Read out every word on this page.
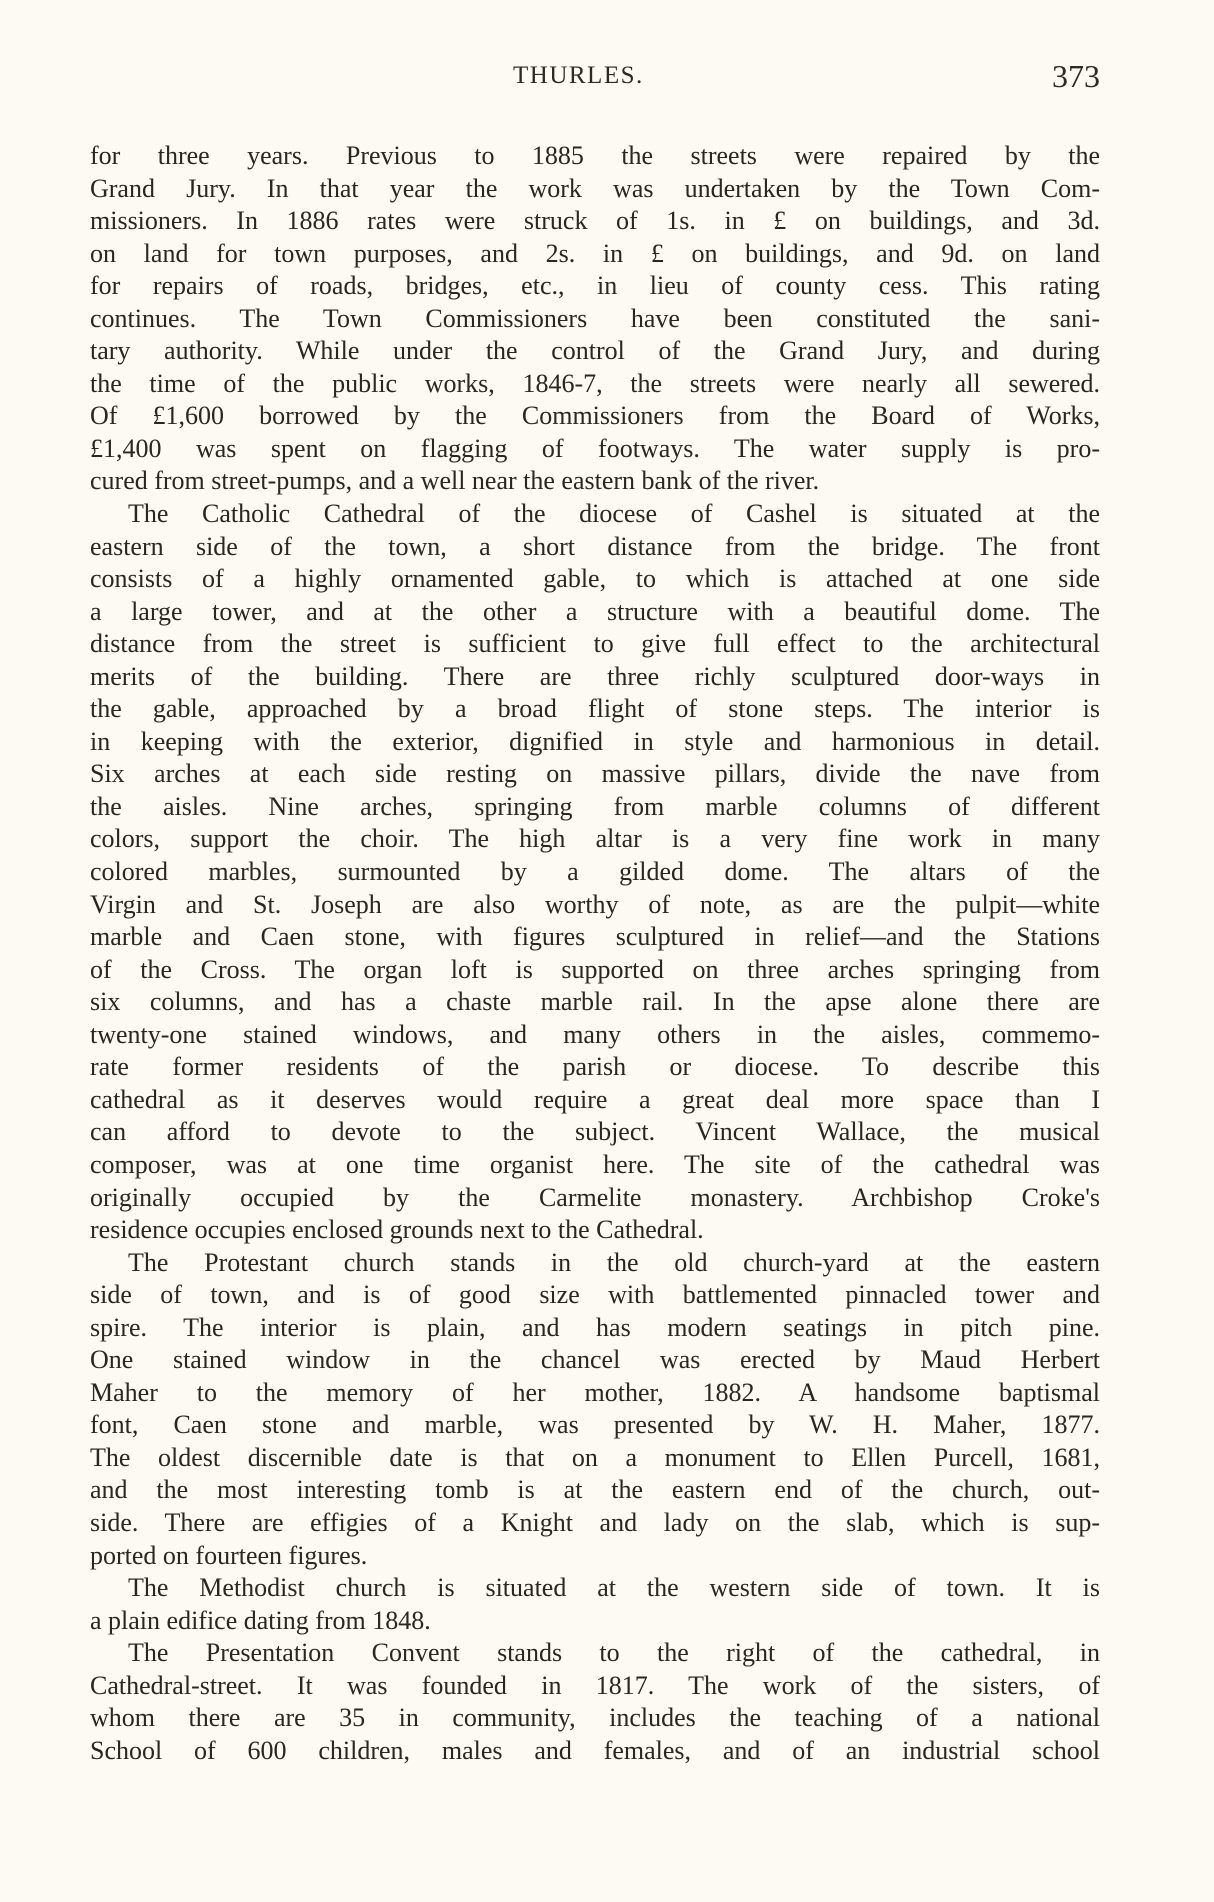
THURLES.	373
for three years. Previous to 1885 the streets were repaired by the
Grand Jury. In that year the work was undertaken by the Town Com-
missioners. In 1886 rates were struck of 1s. in £ on buildings, and 3d.
on land for town purposes, and 2s. in £ on buildings, and 9d. on land
for repairs of roads, bridges, etc., in lieu of county cess. This rating
continues. The Town Commissioners have been constituted the sani-
tary authority. While under the control of the Grand Jury, and during
the time of the public works, 1846-7, the streets were nearly all sewered.
Of £1,600 borrowed by the Commissioners from the Board of Works,
£1,400 was spent on flagging of footways. The water supply is pro-
cured from street-pumps, and a well near the eastern bank of the river.
The Catholic Cathedral of the diocese of Cashel is situated at the
eastern side of the town, a short distance from the bridge. The front
consists of a highly ornamented gable, to which is attached at one side
a large tower, and at the other a structure with a beautiful dome. The
distance from the street is sufficient to give full effect to the architectural
merits of the building. There are three richly sculptured door-ways in
the gable, approached by a broad flight of stone steps. The interior is
in keeping with the exterior, dignified in style and harmonious in detail.
Six arches at each side resting on massive pillars, divide the nave from
the aisles. Nine arches, springing from marble columns of different
colors, support the choir. The high altar is a very fine work in many
colored marbles, surmounted by a gilded dome. The altars of the
Virgin and St. Joseph are also worthy of note, as are the pulpit—white
marble and Caen stone, with figures sculptured in relief—and the Stations
of the Cross. The organ loft is supported on three arches springing from
six columns, and has a chaste marble rail. In the apse alone there are
twenty-one stained windows, and many others in the aisles, commemo-
rate former residents of the parish or diocese. To describe this
cathedral as it deserves would require a great deal more space than I
can afford to devote to the subject. Vincent Wallace, the musical
composer, was at one time organist here. The site of the cathedral was
originally occupied by the Carmelite monastery. Archbishop Croke's
residence occupies enclosed grounds next to the Cathedral.
The Protestant church stands in the old church-yard at the eastern
side of town, and is of good size with battlemented pinnacled tower and
spire. The interior is plain, and has modern seatings in pitch pine.
One stained window in the chancel was erected by Maud Herbert
Maher to the memory of her mother, 1882. A handsome baptismal
font, Caen stone and marble, was presented by W. H. Maher, 1877.
The oldest discernible date is that on a monument to Ellen Purcell, 1681,
and the most interesting tomb is at the eastern end of the church, out-
side. There are effigies of a Knight and lady on the slab, which is sup-
ported on fourteen figures.
The Methodist church is situated at the western side of town. It is
a plain edifice dating from 1848.
The Presentation Convent stands to the right of the cathedral, in
Cathedral-street. It was founded in 1817. The work of the sisters, of
whom there are 35 in community, includes the teaching of a national
School of 600 children, males and females, and of an industrial school
